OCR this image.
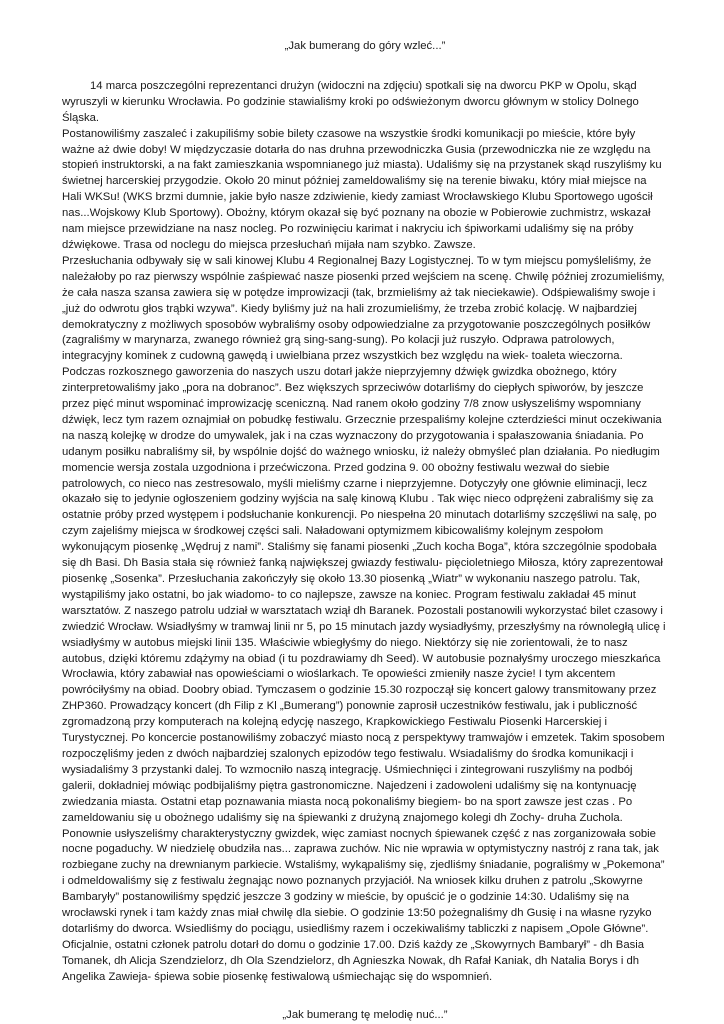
„Jak bumerang do góry wzleć...”

14 marca poszczególni reprezentanci drużyn (widoczni na zdjęciu) spotkali się na dworcu PKP w Opolu, skąd wyruszyli w kierunku Wrocławia. Po godzinie stawialiśmy kroki po odświeżonym dworcu głównym w stolicy Dolnego Śląska.

Postanowiliśmy zaszaleć i zakupiliśmy sobie bilety czasowe na wszystkie środki komunikacji po mieście, które były ważne aż dwie doby! W międzyczasie dotarła do nas druhna przewodniczka Gusia (przewodniczka nie ze względu na stopień instruktorski, a na fakt zamieszkania wspomnianego już miasta). Udaliśmy się na przystanek skąd ruszyliśmy ku świetnej harcerskiej przygodzie. Około 20 minut później zameldowaliśmy się na terenie biwaku, który miał miejsce na Hali WKSu! (WKS brzmi dumnie, jakie było nasze zdziwienie, kiedy zamiast Wrocławskiego Klubu Sportowego ugościł nas...Wojskowy Klub Sportowy). Obożny, którym okazał się być poznany na obozie w Pobierowie zuchmistrz, wskazał nam miejsce przewidziane na nasz nocleg. Po rozwinięciu karimat i nakryciu ich śpiworkami udaliśmy się na próby dźwiękowe. Trasa od noclegu do miejsca przesłuchań mijała nam szybko. Zawsze.

Przesłuchania odbywały się w sali kinowej Klubu 4 Regionalnej Bazy Logistycznej. To w tym miejscu pomyśleliśmy, że należałoby po raz pierwszy wspólnie zaśpiewać nasze piosenki przed wejściem na scenę. Chwilę później zrozumieliśmy, że cała nasza szansa zawiera się w potędze improwizacji (tak, brzmieliśmy aż tak nieciekawie). Odśpiewaliśmy swoje i „już do odwrotu głos trąbki wzywa”. Kiedy byliśmy już na hali zrozumieliśmy, że trzeba zrobić kolację. W najbardziej demokratyczny z możliwych sposobów wybraliśmy osoby odpowiedzialne za przygotowanie poszczególnych posiłków (zagraliśmy w marynarza, zwanego również grą sing-sang-sung). Po kolacji już ruszyło. Odprawa patrolowych, integracyjny kominek z cudowną gawędą i uwielbiana przez wszystkich bez względu na wiek- toaleta wieczorna. Podczas rozkosznego gaworzenia do naszych uszu dotarł jakże nieprzyjemny dźwięk gwizdka obożnego, który zinterpretowaliśmy jako „pora na dobranoc”. Bez większych sprzeciwów dotarliśmy do ciepłych spiworów, by jeszcze przez pięć minut wspominać improwizację sceniczną. Nad ranem około godziny 7/8 znow usłyszeliśmy wspomniany dźwięk, lecz tym razem oznajmiał on pobudkę festiwalu. Grzecznie przespaliśmy kolejne czterdzieści minut oczekiwania na naszą kolejkę w drodze do umywalek, jak i na czas wyznaczony do przygotowania i spałaszowania śniadania. Po udanym posiłku nabraliśmy sił, by wspólnie dojść do ważnego wniosku, iż należy obmyśleć plan działania. Po niedługim momencie wersja zostala uzgodniona i przećwiczona. Przed godzina 9. 00 obożny festiwalu wezwał do siebie patrolowych, co nieco nas zestresowalo, myśli mieliśmy czarne i nieprzyjemne. Dotyczyły one głównie eliminacji, lecz okazało się to jedynie ogłoszeniem godziny wyjścia na salę kinową Klubu . Tak więc nieco odprężeni zabraliśmy się za ostatnie próby przed występem i podsłuchanie konkurencji. Po niespełna 20 minutach dotarliśmy szczęśliwi na salę, po czym zajeliśmy miejsca w środkowej części sali. Naładowani optymizmem kibicowaliśmy kolejnym zespołom wykonującym piosenkę „Wędruj z nami”. Staliśmy się fanami piosenki „Zuch kocha Boga”, która szczególnie spodobała się dh Basi. Dh Basia stała się również fanką największej gwiazdy festiwalu- pięcioletniego Miłosza, który zaprezentował piosenkę „Sosenka”. Przesłuchania zakończyły się około 13.30 piosenką „Wiatr” w wykonaniu naszego patrolu. Tak, wystąpiliśmy jako ostatni, bo jak wiadomo- to co najlepsze, zawsze na koniec. Program festiwalu zakładał 45 minut warsztatów. Z naszego patrolu udział w warsztatach wziął dh Baranek. Pozostali postanowili wykorzystać bilet czasowy i zwiedzić Wrocław. Wsiadłyśmy w tramwaj linii nr 5, po 15 minutach jazdy wysiadłyśmy, przeszłyśmy na równoległą ulicę i wsiadłyśmy w autobus miejski linii 135. Właściwie wbiegłyśmy do niego. Niektórzy się nie zorientowali, że to nasz autobus, dzięki któremu zdążymy na obiad (i tu pozdrawiamy dh Seed). W autobusie poznałyśmy uroczego mieszkańca Wrocławia, który zabawiał nas opowieściami o wioślarkach. Te opowieści zmieniły nasze życie! I tym akcentem powróciłyśmy na obiad. Doobry obiad. Tymczasem o godzinie 15.30 rozpoczął się koncert galowy transmitowany przez ZHP360. Prowadzący koncert (dh Filip z Kl „Bumerang”) ponownie zaprosił uczestników festiwalu, jak i publiczność zgromadzoną przy komputerach na kolejną edycję naszego, Krapkowickiego Festiwalu Piosenki Harcerskiej i Turystycznej. Po koncercie postanowiliśmy zobaczyć miasto nocą z perspektywy tramwajów i emzetek. Takim sposobem rozpoczęliśmy jeden z dwóch najbardziej szalonych epizodów tego festiwalu. Wsiadaliśmy do środka komunikacji i wysiadaliśmy 3 przystanki dalej. To wzmocniło naszą integrację. Uśmiechnięci i zintegrowani ruszyliśmy na podbój galerii, dokładniej mówiąc podbijaliśmy piętra gastronomiczne. Najedzeni i zadowoleni udaliśmy się na kontynuację zwiedzania miasta. Ostatni etap poznawania miasta nocą pokonaliśmy biegiem- bo na sport zawsze jest czas . Po zameldowaniu się u obożnego udaliśmy się na śpiewanki z drużyną znajomego kolegi dh Zochy- druha Zuchola. Ponownie usłyszeliśmy charakterystyczny gwizdek, więc zamiast nocnych śpiewanek część z nas zorganizowała sobie nocne pogaduchy. W niedzielę obudziła nas... zaprawa zuchów. Nic nie wprawia w optymistyczny nastrój z rana tak, jak rozbiegane zuchy na drewnianym parkiecie. Wstaliśmy, wykąpaliśmy się, zjedliśmy śniadanie, pograliśmy w „Pokemona” i odmeldowaliśmy się z festiwalu żegnając nowo poznanych przyjaciół. Na wniosek kilku druhen z patrolu „Skowyrne Bambaryły” postanowiliśmy spędzić jeszcze 3 godziny w mieście, by opuścić je o godzinie 14:30. Udaliśmy się na wrocławski rynek i tam każdy znas miał chwilę dla siebie. O godzinie 13:50 pożegnaliśmy dh Gusię i na własne ryzyko dotarliśmy do dworca. Wsiedliśmy do pociągu, usiedliśmy razem i oczekiwaliśmy tabliczki z napisem „Opole Główne”. Oficjalnie, ostatni członek patrolu dotarł do domu o godzinie 17.00. Dziś każdy ze „Skowyrnych Bambarył” - dh Basia Tomanek, dh Alicja Szendzielorz, dh Ola Szendzielorz, dh Agnieszka Nowak, dh Rafał Kaniak, dh Natalia Borys i dh Angelika Zawieja- śpiewa sobie piosenkę festiwalową uśmiechając się do wspomnień.

„Jak bumerang tę melodię nuć...”
